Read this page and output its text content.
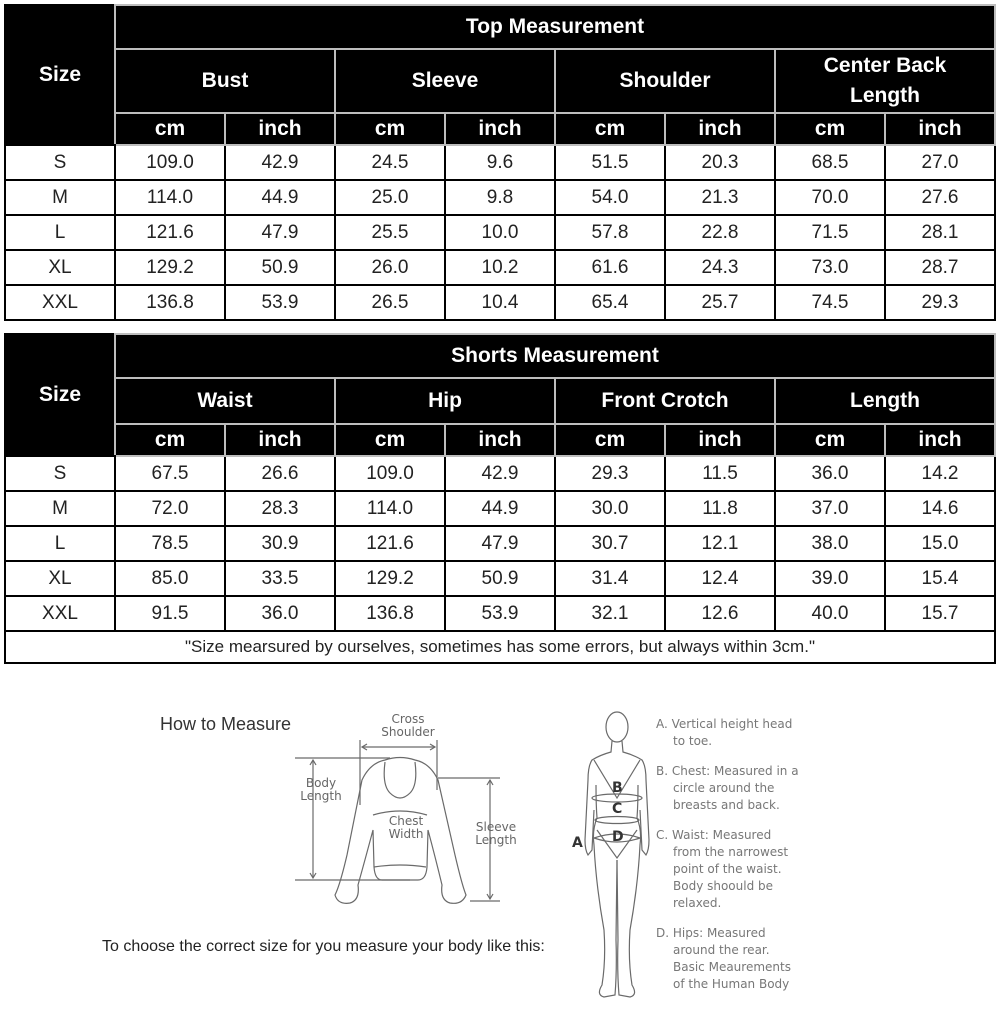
Size	Top Measurement							
	Bust		Sleeve		Shoulder		Center Back
Length	

	cm	inch	cm	inch	cm	inch	cm	inch
S	109.0	42.9	24.5	9.6	51.5	20.3	68.5	27.0
M	114.0	44.9	25.0	9.8	54.0	21.3	70.0	27.6
L	121.6	47.9	25.5	10.0	57.8	22.8	71.5	28.1
XL	129.2	50.9	26.0	10.2	61.6	24.3	73.0	28.7
XXL	136.8	53.9	26.5	10.4	65.4	25.7	74.5	29.3
Size	Shorts Measurement							
	Waist		Hip		Front Crotch		Length	
	cm	inch	cm	inch	cm	inch	cm	inch
S	67.5	26.6	109.0	42.9	29.3	11.5	36.0	14.2
M	72.0	28.3	114.0	44.9	30.0	11.8	37.0	14.6
L	78.5	30.9	121.6	47.9	30.7	12.1	38.0	15.0
XL	85.0	33.5	129.2	50.9	31.4	12.4	39.0	15.4
XXL	91.5	36.0	136.8	53.9	32.1	12.6	40.0	15.7
"Size mearsured by ourselves, sometimes has some errors, but always within 3cm."								
How to Measure	Cross
Shoulder
Body
Length
Chest
Width	Sleeve
Length
To choose the correct size for you measure your body like this:
B
C
D
A
A. Vertical height head
to toe.
B. Chest: Measured in a
circle around the
breasts and back.
C. Waist: Measured
from the narrowest
point of the waist.
Body shoould be
relaxed.
D. Hips: Measured
around the rear.
Basic Meaurements
of the Human Body
